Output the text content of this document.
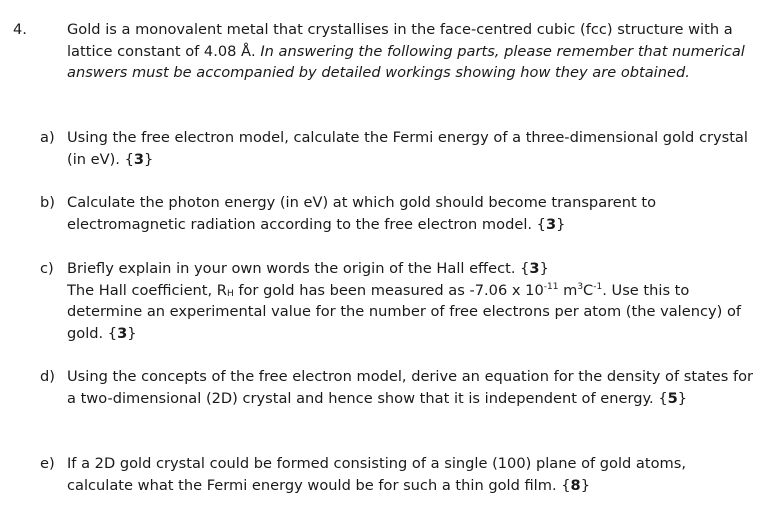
4.	Gold is a monovalent metal that crystallises in the face-centred cubic (fcc) structure with a lattice constant of 4.08 Å. In answering the following parts, please remember that numerical answers must be accompanied by detailed workings showing how they are obtained.
a) Using the free electron model, calculate the Fermi energy of a three-dimensional gold crystal (in eV). {3}
b) Calculate the photon energy (in eV) at which gold should become transparent to electromagnetic radiation according to the free electron model. {3}
c) Briefly explain in your own words the origin of the Hall effect. {3}
The Hall coefficient, $R_H$ for gold has been measured as -7.06 x $10^{-11}$ $m^3C^{-1}$. Use this to determine an experimental value for the number of free electrons per atom (the valency) of gold. {3}
d) Using the concepts of the free electron model, derive an equation for the density of states for a two-dimensional (2D) crystal and hence show that it is independent of energy. {5}
e) If a 2D gold crystal could be formed consisting of a single (100) plane of gold atoms, calculate what the Fermi energy would be for such a thin gold film. {8}
